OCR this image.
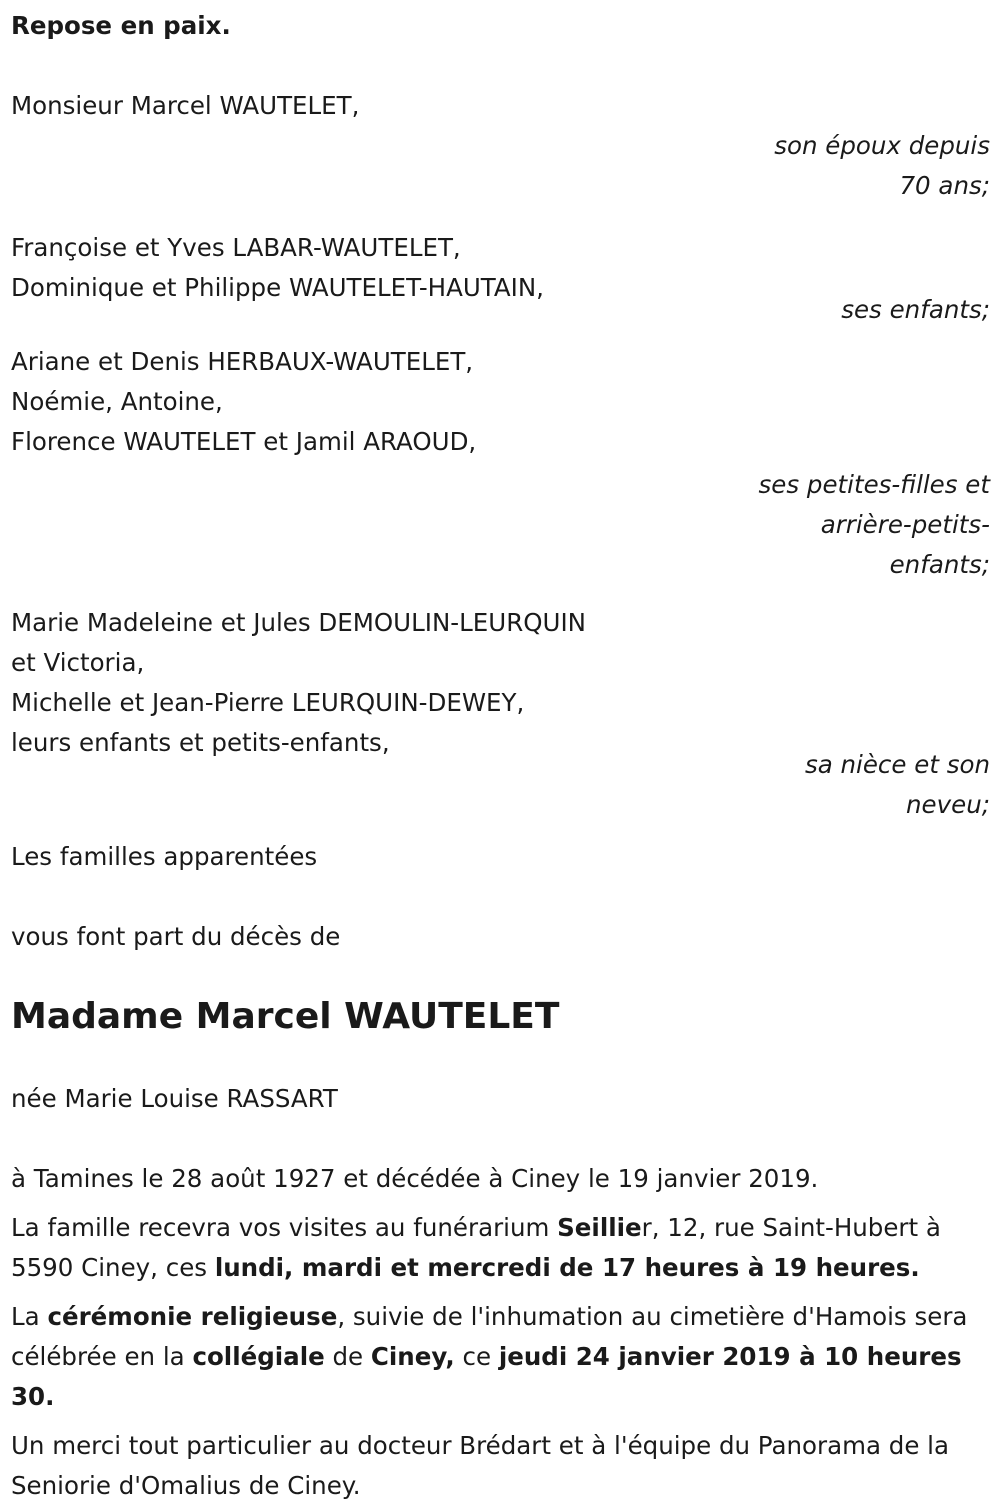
Repose en paix.
Monsieur Marcel WAUTELET,
son époux depuis
70 ans;
Françoise et Yves LABAR-WAUTELET,
Dominique et Philippe WAUTELET-HAUTAIN,
ses enfants;
Ariane et Denis HERBAUX-WAUTELET,
Noémie, Antoine,
Florence WAUTELET et Jamil ARAOUD,
ses petites-filles et
arrière-petits-
enfants;
Marie Madeleine et Jules DEMOULIN-LEURQUIN
et Victoria,
Michelle et Jean-Pierre LEURQUIN-DEWEY,
leurs enfants et petits-enfants,
sa nièce et son
neveu;
Les familles apparentées
vous font part du décès de
Madame Marcel WAUTELET
née Marie Louise RASSART
à Tamines le 28 août 1927 et décédée à Ciney le 19 janvier 2019.
La famille recevra vos visites au funérarium Seillier, 12, rue Saint-Hubert à 5590 Ciney, ces lundi, mardi et mercredi de 17 heures à 19 heures.
La cérémonie religieuse, suivie de l'inhumation au cimetière d'Hamois sera célébrée en la collégiale de Ciney, ce jeudi 24 janvier 2019 à 10 heures 30.
Un merci tout particulier au docteur Brédart et à l'équipe du Panorama de la Seniorie d'Omalius de Ciney.
